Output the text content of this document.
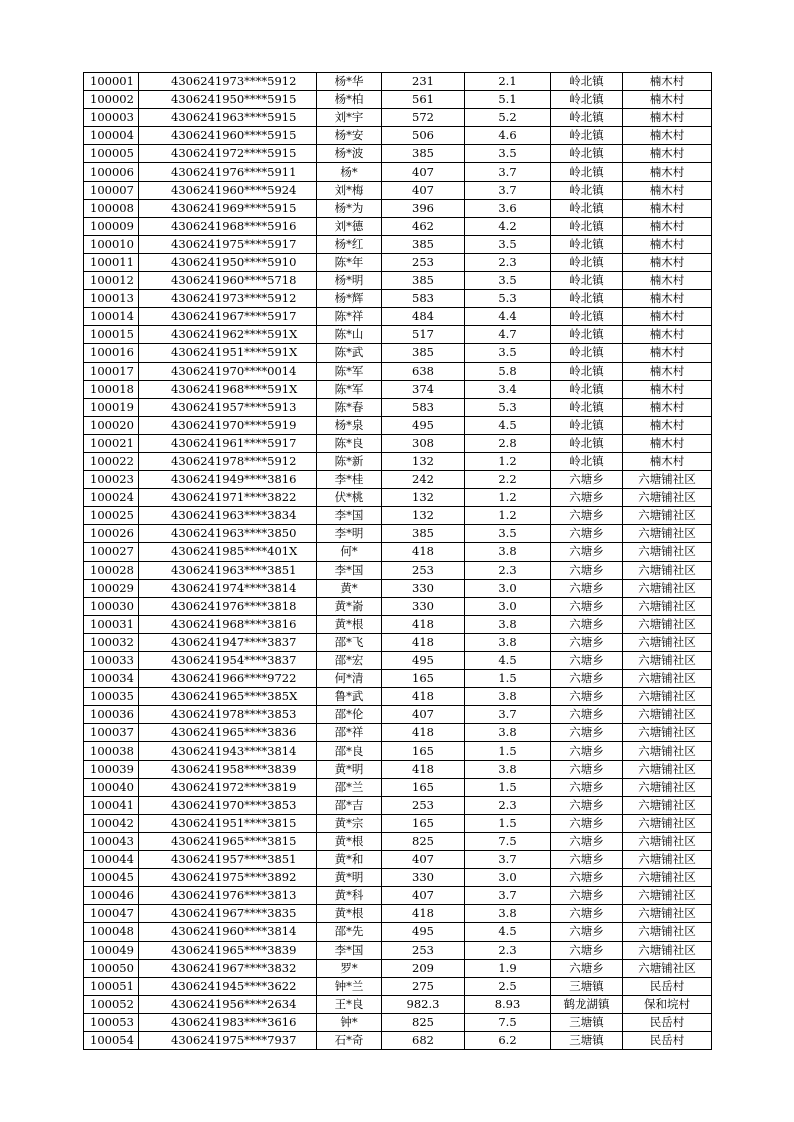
100001	4306241973****5912	杨*华	231	2.1	岭北镇	楠木村
100002	4306241950****5915	杨*柏	561	5.1	岭北镇	楠木村
100003	4306241963****5915	刘*宇	572	5.2	岭北镇	楠木村
100004	4306241960****5915	杨*安	506	4.6	岭北镇	楠木村
100005	4306241972****5915	杨*波	385	3.5	岭北镇	楠木村
100006	4306241976****5911	杨*	407	3.7	岭北镇	楠木村
100007	4306241960****5924	刘*梅	407	3.7	岭北镇	楠木村
100008	4306241969****5915	杨*为	396	3.6	岭北镇	楠木村
100009	4306241968****5916	刘*德	462	4.2	岭北镇	楠木村
100010	4306241975****5917	杨*红	385	3.5	岭北镇	楠木村
100011	4306241950****5910	陈*年	253	2.3	岭北镇	楠木村
100012	4306241960****5718	杨*明	385	3.5	岭北镇	楠木村
100013	4306241973****5912	杨*辉	583	5.3	岭北镇	楠木村
100014	4306241967****5917	陈*祥	484	4.4	岭北镇	楠木村
100015	4306241962****591X	陈*山	517	4.7	岭北镇	楠木村
100016	4306241951****591X	陈*武	385	3.5	岭北镇	楠木村
100017	4306241970****0014	陈*军	638	5.8	岭北镇	楠木村
100018	4306241968****591X	陈*军	374	3.4	岭北镇	楠木村
100019	4306241957****5913	陈*春	583	5.3	岭北镇	楠木村
100020	4306241970****5919	杨*泉	495	4.5	岭北镇	楠木村
100021	4306241961****5917	陈*良	308	2.8	岭北镇	楠木村
100022	4306241978****5912	陈*新	132	1.2	岭北镇	楠木村
100023	4306241949****3816	李*桂	242	2.2	六塘乡	六塘铺社区
100024	4306241971****3822	伏*桃	132	1.2	六塘乡	六塘铺社区
100025	4306241963****3834	李*国	132	1.2	六塘乡	六塘铺社区
100026	4306241963****3850	李*明	385	3.5	六塘乡	六塘铺社区
100027	4306241985****401X	何*	418	3.8	六塘乡	六塘铺社区
100028	4306241963****3851	李*国	253	2.3	六塘乡	六塘铺社区
100029	4306241974****3814	黄*	330	3.0	六塘乡	六塘铺社区
100030	4306241976****3818	黄*嵛	330	3.0	六塘乡	六塘铺社区
100031	4306241968****3816	黄*根	418	3.8	六塘乡	六塘铺社区
100032	4306241947****3837	邵*飞	418	3.8	六塘乡	六塘铺社区
100033	4306241954****3837	邵*宏	495	4.5	六塘乡	六塘铺社区
100034	4306241966****9722	何*清	165	1.5	六塘乡	六塘铺社区
100035	4306241965****385X	鲁*武	418	3.8	六塘乡	六塘铺社区
100036	4306241978****3853	邵*伦	407	3.7	六塘乡	六塘铺社区
100037	4306241965****3836	邵*祥	418	3.8	六塘乡	六塘铺社区
100038	4306241943****3814	邵*良	165	1.5	六塘乡	六塘铺社区
100039	4306241958****3839	黄*明	418	3.8	六塘乡	六塘铺社区
100040	4306241972****3819	邵*兰	165	1.5	六塘乡	六塘铺社区
100041	4306241970****3853	邵*吉	253	2.3	六塘乡	六塘铺社区
100042	4306241951****3815	黄*宗	165	1.5	六塘乡	六塘铺社区
100043	4306241965****3815	黄*根	825	7.5	六塘乡	六塘铺社区
100044	4306241957****3851	黄*和	407	3.7	六塘乡	六塘铺社区
100045	4306241975****3892	黄*明	330	3.0	六塘乡	六塘铺社区
100046	4306241976****3813	黄*科	407	3.7	六塘乡	六塘铺社区
100047	4306241967****3835	黄*根	418	3.8	六塘乡	六塘铺社区
100048	4306241960****3814	邵*先	495	4.5	六塘乡	六塘铺社区
100049	4306241965****3839	李*国	253	2.3	六塘乡	六塘铺社区
100050	4306241967****3832	罗*	209	1.9	六塘乡	六塘铺社区
100051	4306241945****3622	钟*兰	275	2.5	三塘镇	民岳村
100052	4306241956****2634	王*良	982.3	8.93	鹤龙湖镇	保和垸村
100053	4306241983****3616	钟*	825	7.5	三塘镇	民岳村
100054	4306241975****7937	石*奇	682	6.2	三塘镇	民岳村
